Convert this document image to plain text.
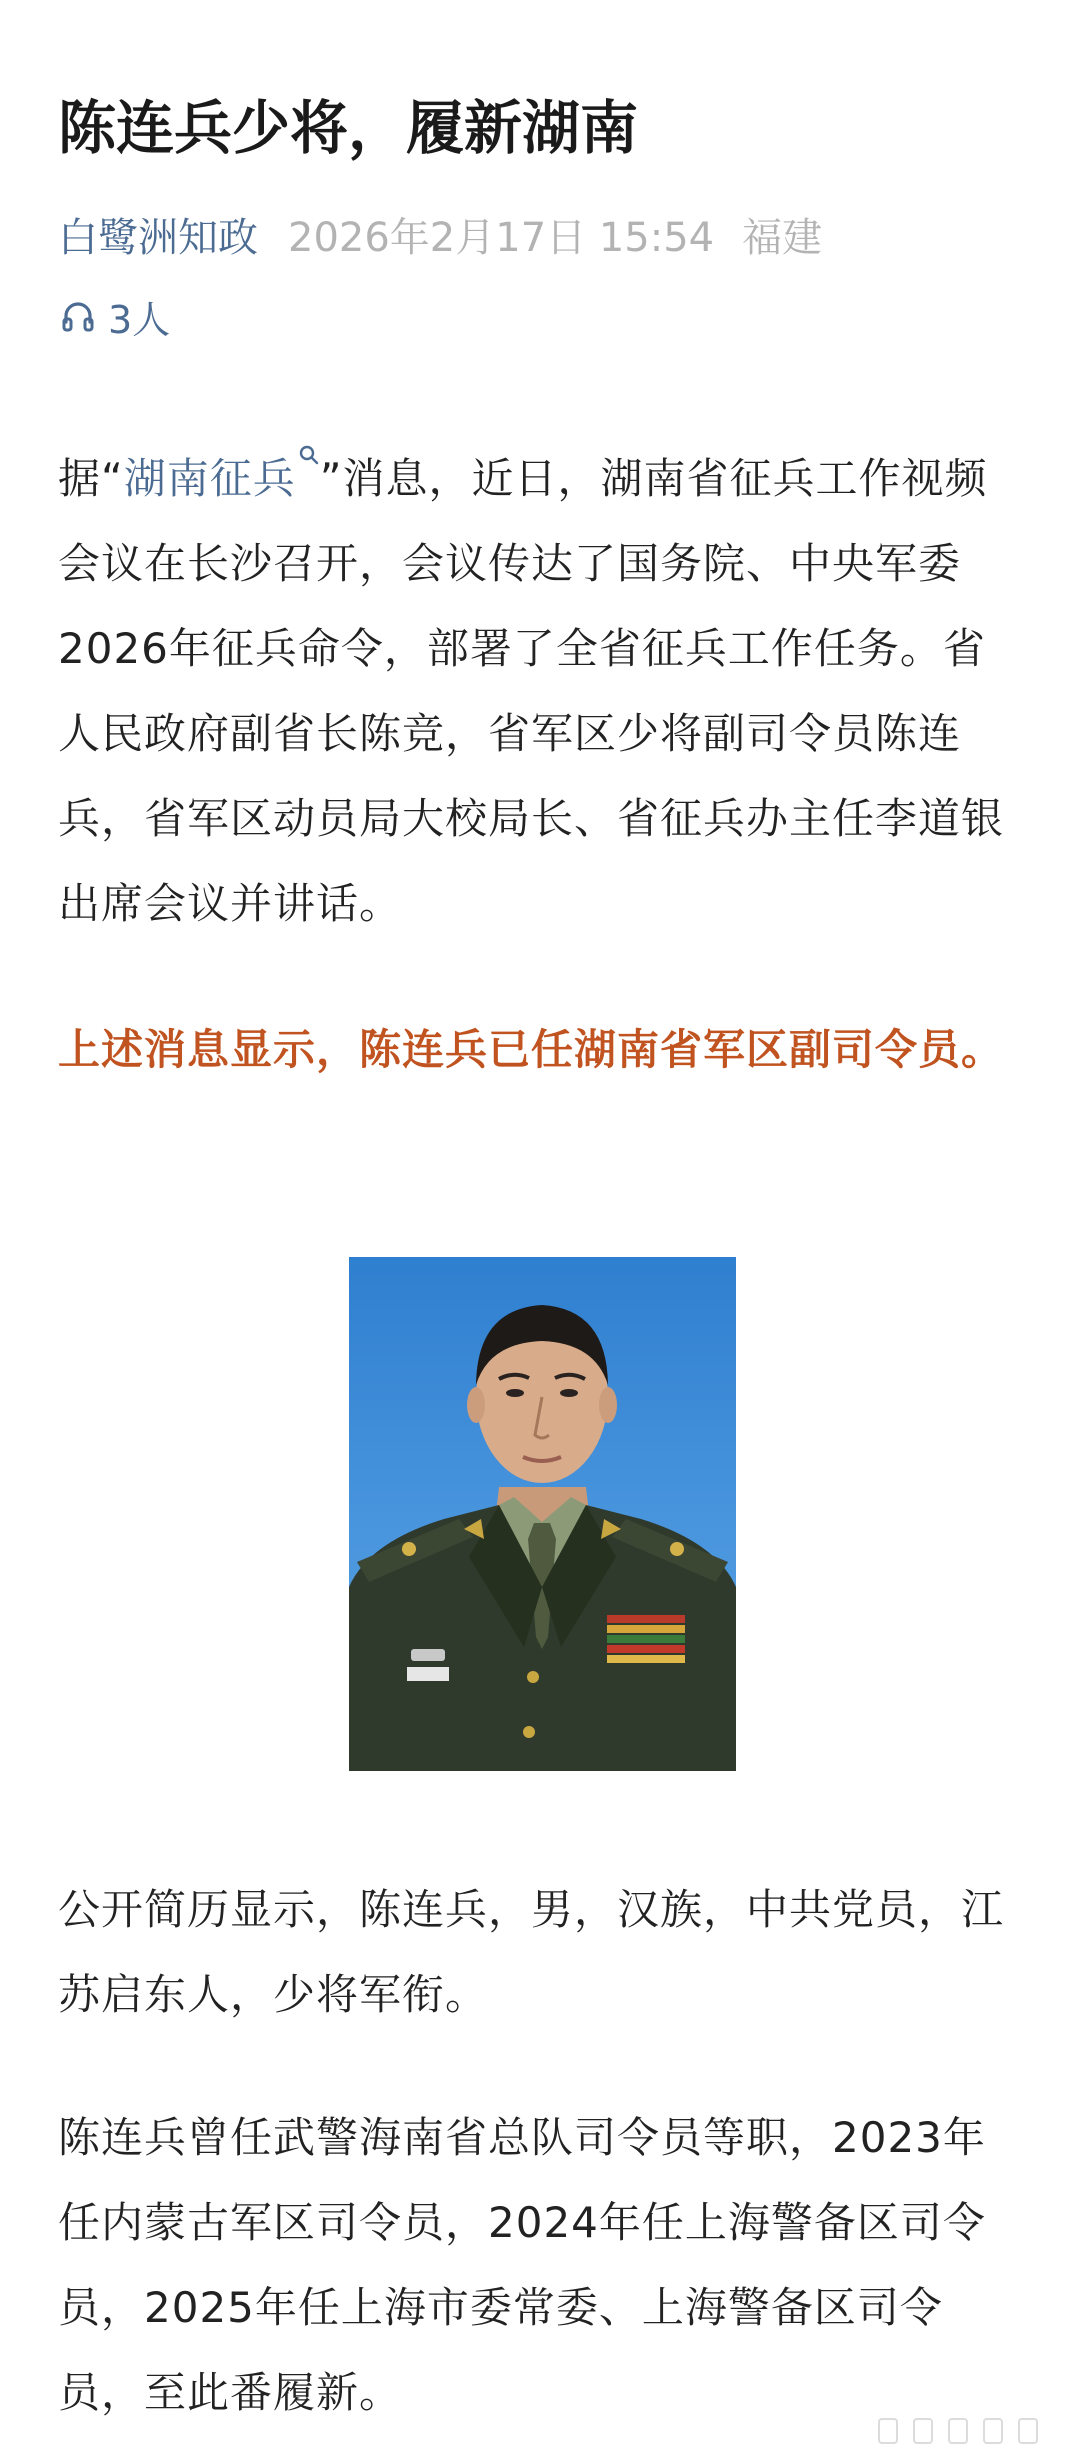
陈连兵少将，履新湖南
白鹭洲知政 2026年2月17日 15:54 福建
3人

据“湖南征兵 ”消息，近日，湖南省征兵工作视频会议在长沙召开，会议传达了国务院、中央军委2026年征兵命令，部署了全省征兵工作任务。省人民政府副省长陈竞，省军区少将副司令员陈连兵，省军区动员局大校局长、省征兵办主任李道银出席会议并讲话。

上述消息显示，陈连兵已任湖南省军区副司令员。

公开简历显示，陈连兵，男，汉族，中共党员，江苏启东人，少将军衔。

陈连兵曾任武警海南省总队司令员等职，2023年任内蒙古军区司令员，2024年任上海警备区司令员，2025年任上海市委常委、上海警备区司令员，至此番履新。
